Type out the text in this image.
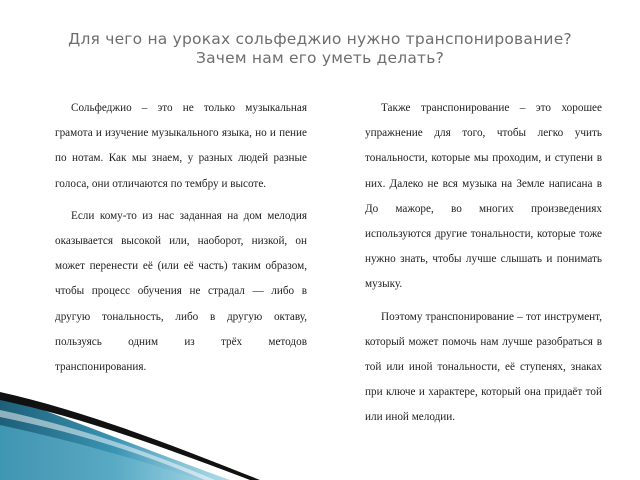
Для чего на уроках сольфеджио нужно транспонирование?
Зачем нам его уметь делать?

Сольфеджио – это не только музыкальная грамота и изучение музыкального языка, но и пение по нотам. Как мы знаем, у разных людей разные голоса, они отличаются по тембру и высоте.

Если кому-то из нас заданная на дом мелодия оказывается высокой или, наоборот, низкой, он может перенести её (или её часть) таким образом, чтобы процесс обучения не страдал — либо в другую тональность, либо в другую октаву, пользуясь одним из трёх методов транспонирования.

Также транспонирование – это хорошее упражнение для того, чтобы легко учить тональности, которые мы проходим, и ступени в них. Далеко не вся музыка на Земле написана в До мажоре, во многих произведениях используются другие тональности, которые тоже нужно знать, чтобы лучше слышать и понимать музыку.

Поэтому транспонирование – тот инструмент, который может помочь нам лучше разобраться в той или иной тональности, её ступенях, знаках при ключе и характере, который она придаёт той или иной мелодии.
